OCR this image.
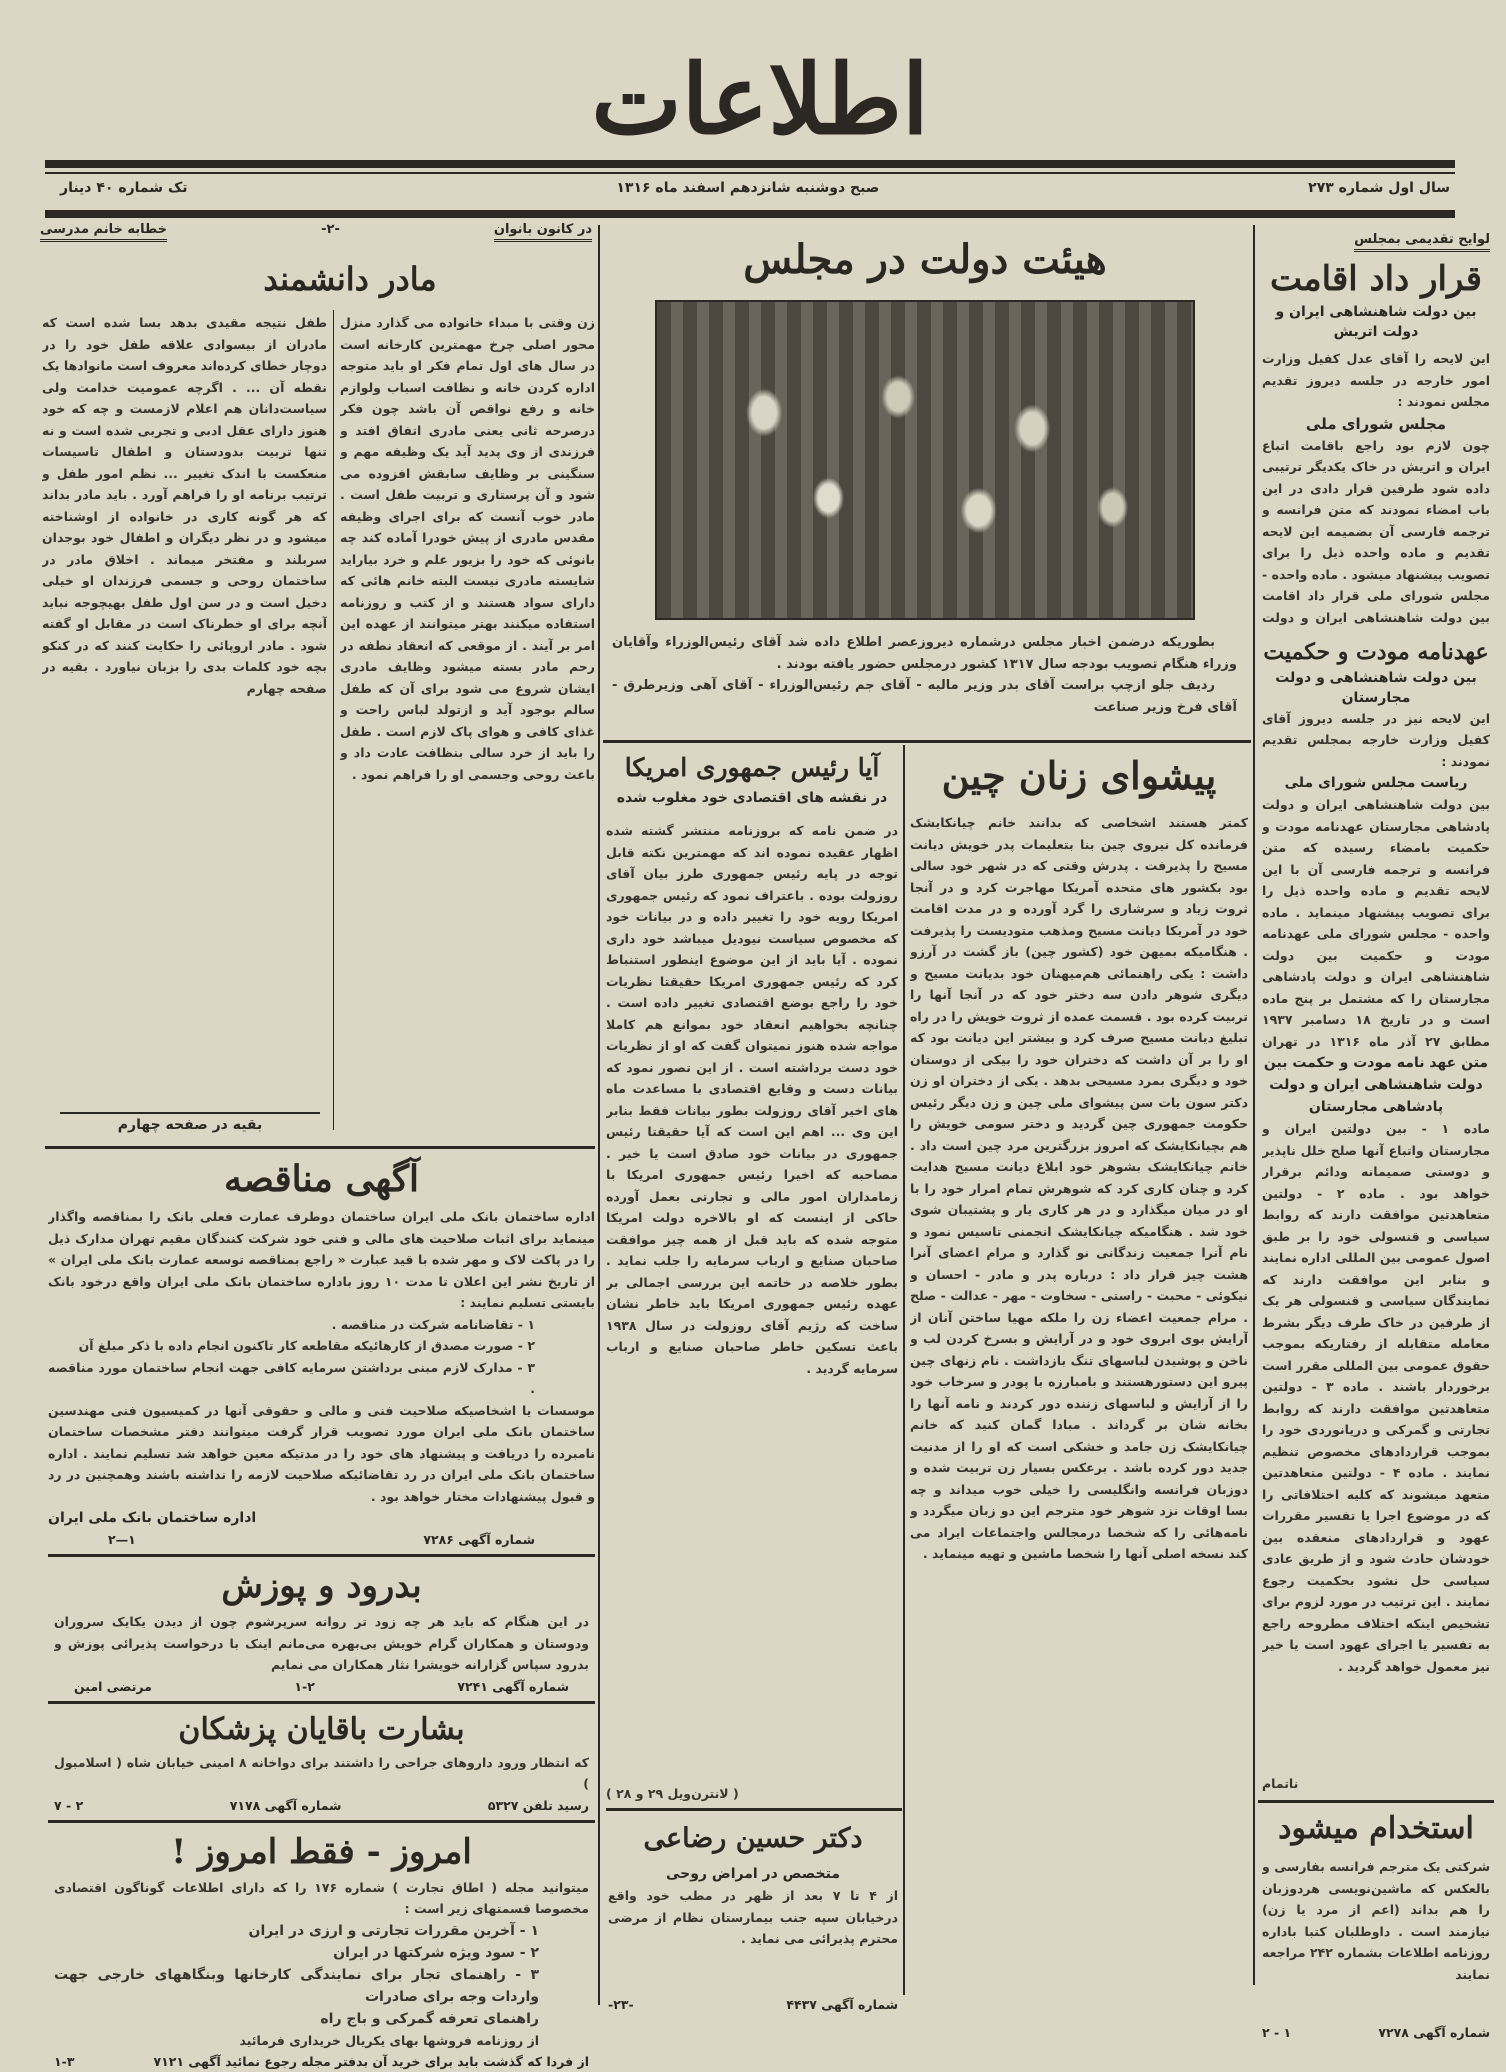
اطلاعات
سال اول شماره ۲۷۳
صبح دوشنبه شانزدهم اسفند ماه ۱۳۱۶
تک شماره ۴۰ دینار
لوایح تقدیمی بمجلس
قرار داد اقامت
بین دولت شاهنشاهی ایران و دولت اتریش
این لایحه را آقای عدل کفیل وزارت امور خارجه در جلسه دیروز تقدیم مجلس نمودند :
مجلس شورای ملی
چون لازم بود راجع باقامت اتباع ایران و اتریش در خاک یکدیگر ترتیبی داده شود طرفین قرار دادی در این باب امضاء نمودند که متن فرانسه و ترجمه فارسی آن بضمیمه این لایحه تقدیم و ماده واحده ذیل را برای تصویب پیشنهاد میشود . ماده واحده - مجلس شورای ملی قرار داد اقامت بین دولت شاهنشاهی ایران و دولت
عهدنامه مودت و حکمیت
بین دولت شاهنشاهی و دولت مجارستان
این لایحه نیز در جلسه دیروز آقای کفیل وزارت خارجه بمجلس تقدیم نمودند :
ریاست مجلس شورای ملی
بین دولت شاهنشاهی ایران و دولت پادشاهی مجارستان عهدنامه مودت و حکمیت بامضاء رسیده که متن فرانسه و ترجمه فارسی آن با این لایحه تقدیم و ماده واحده ذیل را برای تصویب پیشنهاد مینماید . ماده واحده - مجلس شورای ملی عهدنامه مودت و حکمیت بین دولت شاهنشاهی ایران و دولت پادشاهی مجارستان را که مشتمل بر پنج ماده است و در تاریخ ۱۸ دسامبر ۱۹۳۷ مطابق ۲۷ آذر ماه ۱۳۱۶ در تهران
متن عهد نامه مودت و حکمت بین دولت شاهنشاهی ایران و دولت پادشاهی مجارستان
ماده ۱ - بین دولتین ایران و مجارستان واتباع آنها صلح خلل ناپذیر و دوستی صمیمانه ودائم برقرار خواهد بود . ماده ۲ - دولتین متعاهدتین موافقت دارند که روابط سیاسی و قنسولی خود را بر طبق اصول عمومی بین المللی اداره نمایند و بنابر این موافقت دارند که نمایندگان سیاسی و قنسولی هر یک از طرفین در خاک طرف دیگر بشرط معامله متقابله از رفتاریکه بموجب حقوق عمومی بین المللی مقرر است برخوردار باشند . ماده ۳ - دولتین متعاهدتین موافقت دارند که روابط تجارتی و گمرکی و دریانوردی خود را بموجب قراردادهای مخصوص تنظیم نمایند . ماده ۴ - دولتین متعاهدتین متعهد میشوند که کلیه اختلافاتی را که در موضوع اجرا یا تفسیر مقررات عهود و قراردادهای منعقده بین خودشان حادث شود و از طریق عادی سیاسی حل نشود بحکمیت رجوع نمایند . این ترتیب در مورد لزوم برای تشخیص اینکه اختلاف مطروحه راجع به تفسیر یا اجرای عهود است یا خیر نیز معمول خواهد گردید .
ناتمام
استخدام میشود
شرکتی یک مترجم فرانسه بفارسی و بالعکس که ماشین‌نویسی هردوزبان را هم بداند (اعم از مرد یا زن) نیازمند است . داوطلبان کتبا باداره روزنامه اطلاعات بشماره ۲۴۲ مراجعه نمایند
شماره آگهی ۷۲۷۸
۱ - ۲
هیئت دولت در مجلس

بطوریکه درضمن اخبار مجلس درشماره دیروزعصر اطلاع داده شد آقای رئیس‌الوزراء وآقایان وزراء هنگام تصویب بودجه سال ۱۳۱۷ کشور درمجلس حضور یافته بودند .

ردیف جلو ازچپ براست آقای بدر وزیر مالیه - آقای جم رئیس‌الوزراء - آقای آهی وزیرطرق - آقای فرخ وزیر صناعت

پیشوای زنان چین
کمتر هستند اشخاصی که بدانند خانم چیانکایشک فرمانده کل نیروی چین بنا بتعلیمات پدر خویش دیانت مسیح را پذیرفت . پدرش وقتی که در شهر خود سالی بود بکشور های متحده آمریکا مهاجرت کرد و در آنجا ثروت زیاد و سرشاری را گرد آورده و در مدت اقامت خود در آمریکا دیانت مسیح ومذهب متودیست را پذیرفت . هنگامیکه بمیهن خود (کشور چین) باز گشت در آرزو داشت : یکی راهنمائی هم‌میهنان خود بدیانت مسیح و دیگری شوهر دادن سه دختر خود که در آنجا آنها را تربیت کرده بود . قسمت عمده از ثروت خویش را در راه تبلیغ دیانت مسیح صرف کرد و بیشتر این دیانت بود که او را بر آن داشت که دختران خود را بیکی از دوستان خود و دیگری بمرد مسیحی بدهد . یکی از دختران او زن دکتر سون یات سن پیشوای ملی چین و زن دیگر رئیس حکومت جمهوری چین گردید و دختر سومی خویش را هم بچیانکایشک که امروز بزرگترین مرد چین است داد . خانم چیانکایشک بشوهر خود ابلاغ دیانت مسیح هدایت کرد و چنان کاری کرد که شوهرش تمام امرار خود را با او در میان میگذارد و در هر کاری یار و پشتیبان شوی خود شد . هنگامیکه چیانکایشک انجمنی تاسیس نمود و نام آنرا جمعیت زندگانی نو گذارد و مرام اعضای آنرا هشت چیز قرار داد : درباره پدر و مادر - احسان و نیکوئی - محبت - راستی - سخاوت - مهر - عدالت - صلح . مرام جمعیت اعضاء زن را ملکه مهیا ساختن آنان از آرایش بوی ابروی خود و در آرایش و بسرخ کردن لب و ناخن و پوشیدن لباسهای تنگ بازداشت . نام زنهای چین پیرو این دستورهستند و بامبارزه با پودر و سرخاب خود را از آرایش و لباسهای زننده دور کردند و نامه آنها را بخانه شان بر گرداند . مبادا گمان کنید که خانم چیانکایشک زن جامد و خشکی است که او را از مدنیت جدید دور کرده باشد . برعکس بسیار زن تربیت شده و دوزبان فرانسه وانگلیسی را خیلی خوب میداند و چه بسا اوقات نزد شوهر خود مترجم این دو زبان میگردد و نامه‌هائی را که شخصا درمجالس واجتماعات ایراد می کند نسخه اصلی آنها را شخصا ماشین و تهیه مینماید .
آیا رئیس جمهوری امریکا
در نقشه های اقتصادی خود مغلوب شده
در ضمن نامه که بروزنامه منتشر گشته شده اظهار عقیده نموده اند که مهمترین نکته قابل توجه در پایه رئیس جمهوری طرز بیان آقای روزولت بوده . باعتراف نمود که رئیس جمهوری امریکا رویه خود را تغییر داده و در بیانات خود که مخصوص سیاست نیودیل میباشد خود داری نموده . آیا باید از این موضوع اینطور استنباط کرد که رئیس جمهوری امریکا حقیقتا نظریات خود را راجع بوضع اقتصادی تغییر داده است . چنانچه بخواهیم انعقاد خود بموانع هم کاملا مواجه شده هنوز نمیتوان گفت که او از نظریات خود دست برداشته است . از این تصور نمود که بیانات دست و وقایع اقتصادی با مساعدت ماه های اخیر آقای روزولت بطور بیانات فقط بنابر این وی ... اهم این است که آیا حقیقتا رئیس جمهوری در بیانات خود صادق است یا خیر . مصاحبه که اخیرا رئیس جمهوری امریکا با زمامداران امور مالی و تجارتی بعمل آورده حاکی از اینست که او بالاخره دولت امریکا متوجه شده که باید قبل از همه چیز موافقت صاحبان صنایع و ارباب سرمایه را جلب نماید . بطور خلاصه در خاتمه این بررسی اجمالی بر عهده رئیس جمهوری امریکا باید خاطر نشان ساخت که رژیم آقای روزولت در سال ۱۹۳۸ باعث تسکین خاطر صاحبان صنایع و ارباب سرمایه گردید .
( لانترن‌ویل ۲۹ و ۲۸ )
دکتر حسین رضاعی
متخصص در امراض روحی
از ۴ تا ۷ بعد از ظهر در مطب خود واقع درخیابان سپه جنب بیمارستان نظام از مرضی محترم پذیرائی می نماید .
شماره آگهی ۴۴۳۷
-۲۳-
در کانون بانوان
-۲-
خطابه خانم مدرسی
مادر دانشمند
زن وقتی با مبداء خانواده می گذارد منزل محور اصلی چرخ مهمترین کارخانه است در سال های اول تمام فکر او باید متوجه اداره کردن خانه و نظافت اسباب ولوازم خانه و رفع نواقص آن باشد چون فکر درصرحه ثانی یعنی مادری اتفاق افتد و فرزندی از وی پدید آید یک وظیفه مهم و سنگینی بر وظایف سابقش افزوده می شود و آن پرستاری و تربیت طفل است . مادر خوب آنست که برای اجرای وظیفه مقدس مادری از پیش خودرا آماده کند چه بانوئی که خود را بزیور علم و خرد بیاراید شایسته مادری نیست البته خانم هائی که دارای سواد هستند و از کتب و روزنامه استفاده میکنند بهتر میتوانند از عهده این امر بر آیند . از موقعی که انعقاد نطفه در رحم مادر بسته میشود وظایف مادری ایشان شروع می شود برای آن که طفل سالم بوجود آید و ازتولد لباس راحت و غذای کافی و هوای پاک لازم است . طفل را باید از خرد سالی بنظافت عادت داد و باعث روحی وجسمی او را فراهم نمود .
طفل نتیجه مقیدی بدهد بسا شده است که مادران از بیسوادی علاقه طفل خود را در دوچار خطای کرده‌اند معروف است مانوادها یک نقطه آن ... . اگرچه عمومیت خدامت ولی سیاست‌دانان هم اعلام لازمست و چه که خود هنوز دارای عقل ادبی و تجربی شده است و نه تنها تربیت بدودستان و اطفال تاسیسات منعکست با اندک تغییر ... نظم امور طفل و ترتیب برنامه او را فراهم آورد . باید مادر بداند که هر گونه کاری در خانواده از اوشناخته میشود و در نظر دیگران و اطفال خود بوجدان سربلند و مفتخر میماند . اخلاق مادر در ساختمان روحی و جسمی فرزندان او خیلی دخیل است و در سن اول طفل بهیچوجه نباید آنچه برای او خطرناک است در مقابل او گفته شود . مادر اروپائی را حکایت کنند که در کنکو بچه خود کلمات بدی را بزبان نیاورد . بقیه در صفحه چهارم
بقیه در صفحه چهارم
آگهی مناقصه
اداره ساختمان بانک ملی ایران ساختمان دوطرف عمارت فعلی بانک را بمناقصه واگذار مینماید برای اثبات صلاحیت های مالی و فنی خود شرکت کنندگان مقیم تهران مدارک ذیل را در پاکت لاک و مهر شده با قید عبارت « راجع بمناقصه توسعه عمارت بانک ملی ایران » از تاریخ نشر این اعلان تا مدت ۱۰ روز باداره ساختمان بانک ملی ایران واقع درخود بانک بایستی تسلیم نمایند :
۱ - تقاضانامه شرکت در مناقصه .
۲ - صورت مصدق از کارهائیکه مقاطعه کار تاکنون انجام داده با ذکر مبلغ آن
۳ - مدارک لازم مبنی برداشتن سرمایه کافی جهت انجام ساختمان مورد مناقصه .
موسسات یا اشخاصیکه صلاحیت فنی و مالی و حقوقی آنها در کمیسیون فنی مهندسین ساختمان بانک ملی ایران مورد تصویب قرار گرفت میتوانند دفتر مشخصات ساختمان نامبرده را دریافت و پیشنهاد های خود را در مدتیکه معین خواهد شد تسلیم نمایند . اداره ساختمان بانک ملی ایران در رد تقاضائیکه صلاحیت لازمه را نداشته باشند وهمچنین در رد و قبول پیشنهادات مختار خواهد بود .
اداره ساختمان بانک ملی ایران
شماره آگهی ۷۲۸۶
۱—۲
بدرود و پوزش
در این هنگام که باید هر چه زود تر روانه سرپرشوم چون از دیدن یکایک سروران ودوستان و همکاران گرام خویش بی‌بهره می‌مانم اینک با درخواست پذیرائی پوزش و بدرود سپاس گزارانه خویشرا نثار همکاران می نمایم
شماره آگهی ۷۲۴۱
۱-۲
مرتضی امین
بشارت باقایان پزشکان
که انتظار ورود داروهای جراحی را داشتند برای دواخانه ۸ امینی خیابان شاه ( اسلامبول )
رسید تلفن ۵۳۲۷
شماره آگهی ۷۱۷۸
۲ - ۷
امروز - فقط امروز !
میتوانید مجله ( اطاق تجارت ) شماره ۱۷۶ را که دارای اطلاعات گوناگون اقتصادی مخصوصا قسمتهای زیر است :
۱ - آخرین مقررات تجارتی و ارزی در ایران
۲ - سود ویژه شرکتها در ایران
۳ - راهنمای تجار برای نمایندگی کارخانها وبنگاههای خارجی جهت واردات وجه برای صادرات
راهنمای تعرفه گمرکی و باج راه
از روزنامه فروشها بهای یکریال خریداری فرمائید
از فردا که گذشت باید برای خرید آن بدفتر مجله رجوع نمائید آگهی ۷۱۲۱
۱-۳
